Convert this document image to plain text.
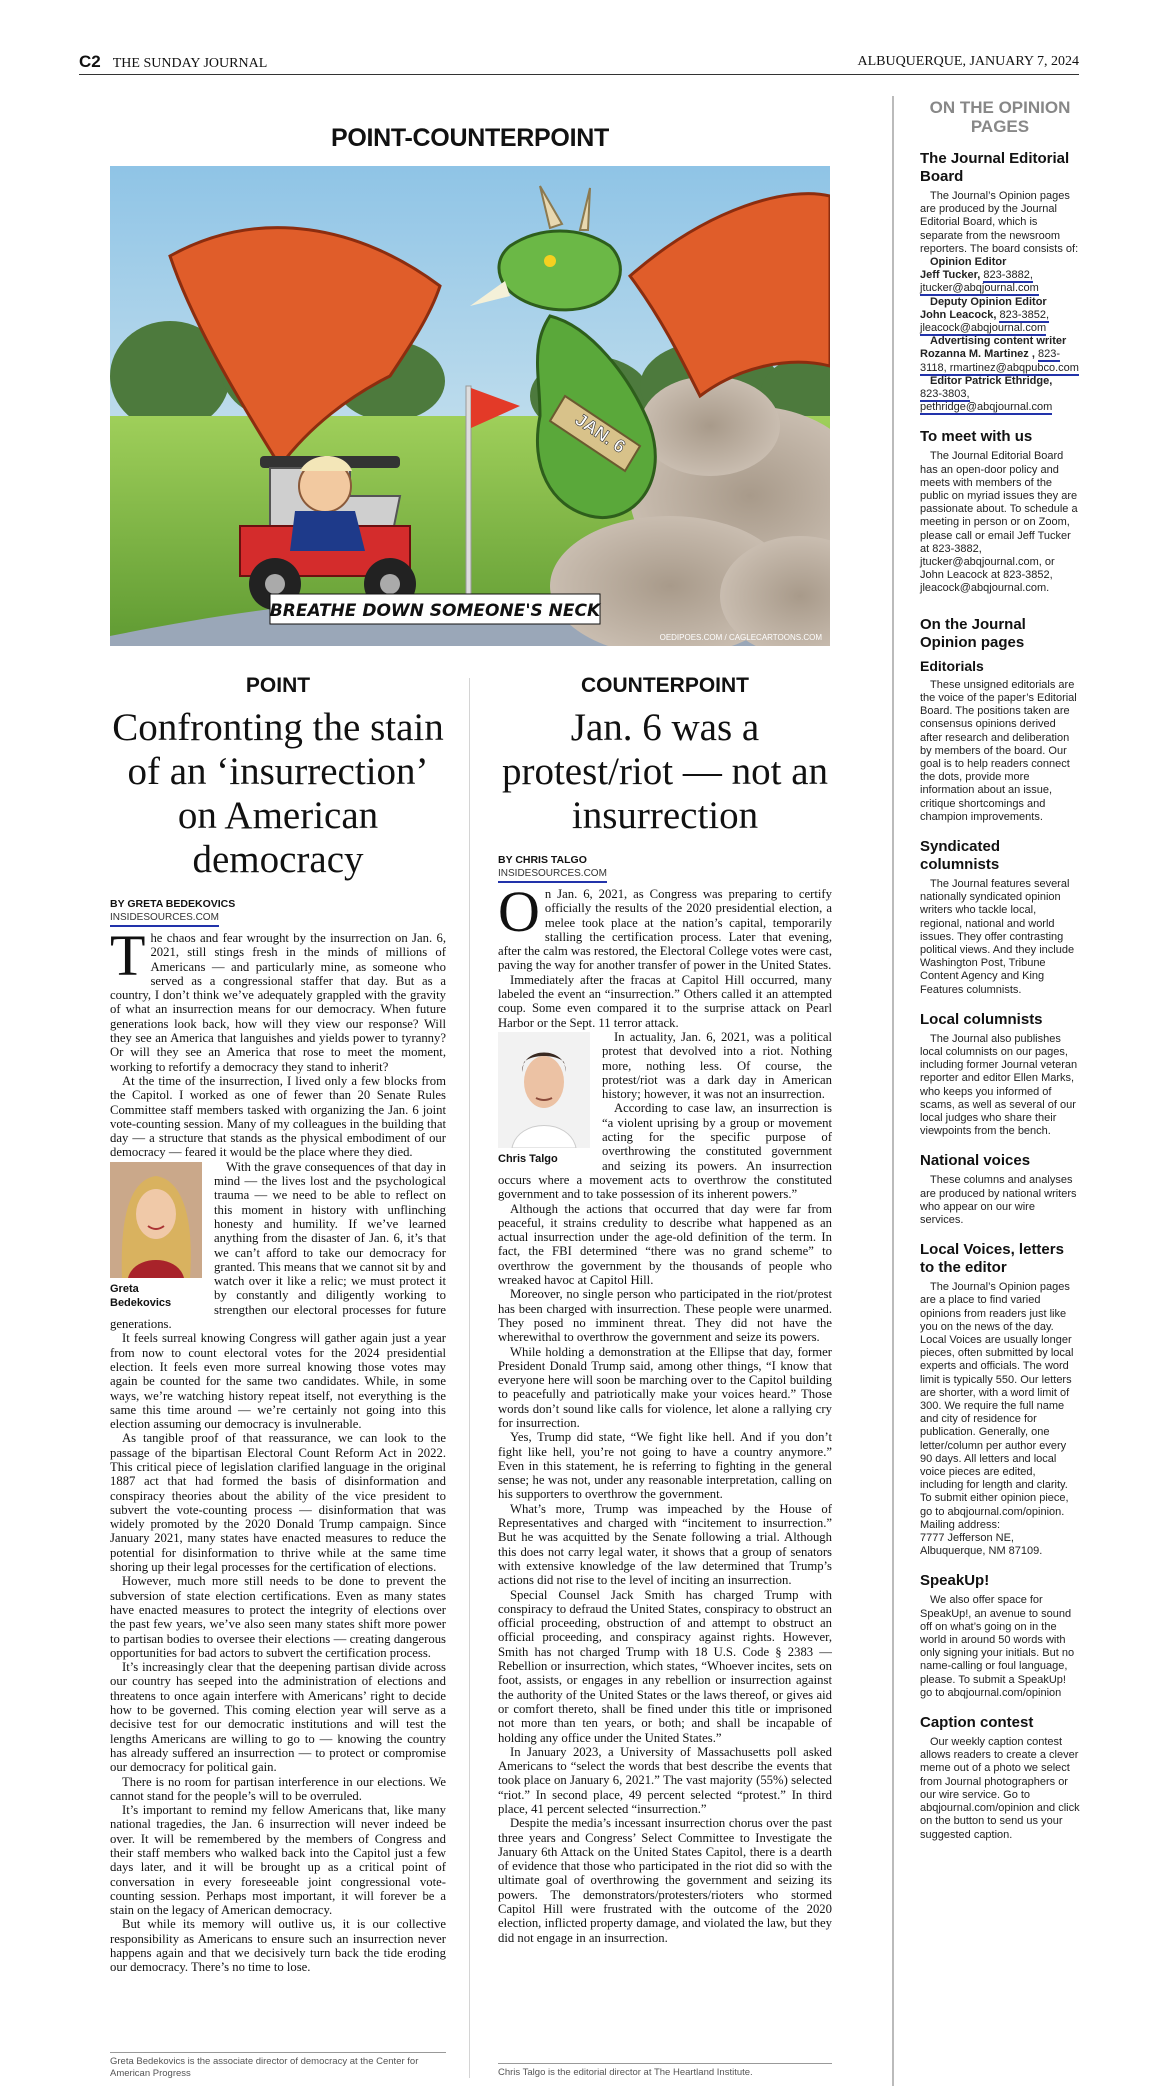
C2 THE SUNDAY JOURNAL	ALBUQUERQUE, JANUARY 7, 2024
POINT-COUNTERPOINT
JAN. 6
BREATHE DOWN SOMEONE'S NECK
OEDIPOES.COM / CAGLECARTOONS.COM
POINT
Confronting the stain of an ‘insurrection’ on American democracy
BY GRETA BEDEKOVICS
INSIDESOURCES.COM
T he chaos and fear wrought by the insurrection on Jan. 6, 2021, still stings fresh in the minds of millions of Americans — and particularly mine, as someone who served as a congressional staffer that day. But as a country, I don’t think we’ve adequately grappled with the gravity of what an insurrection means for our democracy. When future generations look back, how will they view our response? Will they see an America that languishes and yields power to tyranny? Or will they see an America that rose to meet the moment, working to refortify a democracy they stand to inherit?

At the time of the insurrection, I lived only a few blocks from the Capitol. I worked as one of fewer than 20 Senate Rules Committee staff members tasked with organizing the Jan. 6 joint vote-counting session. Many of my colleagues in the building that day — a structure that stands as the physical embodiment of our democracy — feared it would be the place where they died.

Greta Bedekovics

With the grave consequences of that day in mind — the lives lost and the psychological trauma — we need to be able to reflect on this moment in history with unflinching honesty and humility. If we’ve learned anything from the disaster of Jan. 6, it’s that we can’t afford to take our democracy for granted. This means that we cannot sit by and watch over it like a relic; we must protect it by constantly and diligently working to strengthen our electoral processes for future generations.

It feels surreal knowing Congress will gather again just a year from now to count electoral votes for the 2024 presidential election. It feels even more surreal knowing those votes may again be counted for the same two candidates. While, in some ways, we’re watching history repeat itself, not everything is the same this time around — we’re certainly not going into this election assuming our democracy is invulnerable.

As tangible proof of that reassurance, we can look to the passage of the bipartisan Electoral Count Reform Act in 2022. This critical piece of legislation clarified language in the original 1887 act that had formed the basis of disinformation and conspiracy theories about the ability of the vice president to subvert the vote-counting process — disinformation that was widely promoted by the 2020 Donald Trump campaign. Since January 2021, many states have enacted measures to reduce the potential for disinformation to thrive while at the same time shoring up their legal processes for the certification of elections.

However, much more still needs to be done to prevent the subversion of state election certifications. Even as many states have enacted measures to protect the integrity of elections over the past few years, we’ve also seen many states shift more power to partisan bodies to oversee their elections — creating dangerous opportunities for bad actors to subvert the certification process.

It’s increasingly clear that the deepening partisan divide across our country has seeped into the administration of elections and threatens to once again interfere with Americans’ right to decide how to be governed. This coming election year will serve as a decisive test for our democratic institutions and will test the lengths Americans are willing to go to — knowing the country has already suffered an insurrection — to protect or compromise our democracy for political gain.

There is no room for partisan interference in our elections. We cannot stand for the people’s will to be overruled.

It’s important to remind my fellow Americans that, like many national tragedies, the Jan. 6 insurrection will never indeed be over. It will be remembered by the members of Congress and their staff members who walked back into the Capitol just a few days later, and it will be brought up as a critical point of conversation in every foreseeable joint congressional vote-counting session. Perhaps most important, it will forever be a stain on the legacy of American democracy.

But while its memory will outlive us, it is our collective responsibility as Americans to ensure such an insurrection never happens again and that we decisively turn back the tide eroding our democracy. There’s no time to lose.

Greta Bedekovics is the associate director of democracy at the Center for American Progress
COUNTERPOINT
Jan. 6 was a protest/riot — not an insurrection
BY CHRIS TALGO
INSIDESOURCES.COM
O n Jan. 6, 2021, as Congress was preparing to certify officially the results of the 2020 presidential election, a melee took place at the nation’s capital, temporarily stalling the certification process. Later that evening, after the calm was restored, the Electoral College votes were cast, paving the way for another transfer of power in the United States.

Immediately after the fracas at Capitol Hill occurred, many labeled the event an “insurrection.” Others called it an attempted coup. Some even compared it to the surprise attack on Pearl Harbor or the Sept. 11 terror attack.

Chris Talgo

In actuality, Jan. 6, 2021, was a political protest that devolved into a riot. Nothing more, nothing less. Of course, the protest/riot was a dark day in American history; however, it was not an insurrection.

According to case law, an insurrection is “a violent uprising by a group or movement acting for the specific purpose of overthrowing the constituted government and seizing its powers. An insurrection occurs where a movement acts to overthrow the constituted government and to take possession of its inherent powers.”

Although the actions that occurred that day were far from peaceful, it strains credulity to describe what happened as an actual insurrection under the age-old definition of the term. In fact, the FBI determined “there was no grand scheme” to overthrow the government by the thousands of people who wreaked havoc at Capitol Hill.

Moreover, no single person who participated in the riot/protest has been charged with insurrection. These people were unarmed. They posed no imminent threat. They did not have the wherewithal to overthrow the government and seize its powers.

While holding a demonstration at the Ellipse that day, former President Donald Trump said, among other things, “I know that everyone here will soon be marching over to the Capitol building to peacefully and patriotically make your voices heard.” Those words don’t sound like calls for violence, let alone a rallying cry for insurrection.

Yes, Trump did state, “We fight like hell. And if you don’t fight like hell, you’re not going to have a country anymore.” Even in this statement, he is referring to fighting in the general sense; he was not, under any reasonable interpretation, calling on his supporters to overthrow the government.

What’s more, Trump was impeached by the House of Representatives and charged with “incitement to insurrection.” But he was acquitted by the Senate following a trial. Although this does not carry legal water, it shows that a group of senators with extensive knowledge of the law determined that Trump’s actions did not rise to the level of inciting an insurrection.

Special Counsel Jack Smith has charged Trump with conspiracy to defraud the United States, conspiracy to obstruct an official proceeding, obstruction of and attempt to obstruct an official proceeding, and conspiracy against rights. However, Smith has not charged Trump with 18 U.S. Code § 2383 — Rebellion or insurrection, which states, “Whoever incites, sets on foot, assists, or engages in any rebellion or insurrection against the authority of the United States or the laws thereof, or gives aid or comfort thereto, shall be fined under this title or imprisoned not more than ten years, or both; and shall be incapable of holding any office under the United States.”

In January 2023, a University of Massachusetts poll asked Americans to “select the words that best describe the events that took place on January 6, 2021.” The vast majority (55%) selected “riot.” In second place, 49 percent selected “protest.” In third place, 41 percent selected “insurrection.”

Despite the media’s incessant insurrection chorus over the past three years and Congress’ Select Committee to Investigate the January 6th Attack on the United States Capitol, there is a dearth of evidence that those who participated in the riot did so with the ultimate goal of overthrowing the government and seizing its powers. The demonstrators/protesters/rioters who stormed Capitol Hill were frustrated with the outcome of the 2020 election, inflicted property damage, and violated the law, but they did not engage in an insurrection.

Chris Talgo is the editorial director at The Heartland Institute.
ON THE OPINION PAGES
The Journal Editorial Board

The Journal’s Opinion pages are produced by the Journal Editorial Board, which is separate from the newsroom reporters. The board consists of:

Opinion Editor
Jeff Tucker, 823-3882, jtucker@abqjournal.com
Deputy Opinion Editor
John Leacock, 823-3852, jleacock@abqjournal.com
Advertising content writer
Rozanna M. Martinez , 823-3118, rmartinez@abqpubco.com
Editor Patrick Ethridge,
823-3803, pethridge@abqjournal.com
To meet with us

The Journal Editorial Board has an open-door policy and meets with members of the public on myriad issues they are passionate about. To schedule a meeting in person or on Zoom, please call or email Jeff Tucker at 823-3882, jtucker@abqjournal.com, or John Leacock at 823-3852, jleacock@abqjournal.com.

On the Journal Opinion pages
Editorials

These unsigned editorials are the voice of the paper’s Editorial Board. The positions taken are consensus opinions derived after research and deliberation by members of the board. Our goal is to help readers connect the dots, provide more information about an issue, critique shortcomings and champion improvements.

Syndicated columnists

The Journal features several nationally syndicated opinion writers who tackle local, regional, national and world issues. They offer contrasting political views. And they include Washington Post, Tribune Content Agency and King Features columnists.

Local columnists

The Journal also publishes local columnists on our pages, including former Journal veteran reporter and editor Ellen Marks, who keeps you informed of scams, as well as several of our local judges who share their viewpoints from the bench.

National voices

These columns and analyses are produced by national writers who appear on our wire services.

Local Voices, letters to the editor

The Journal’s Opinion pages are a place to find varied opinions from readers just like you on the news of the day. Local Voices are usually longer pieces, often submitted by local experts and officials. The word limit is typically 550. Our letters are shorter, with a word limit of 300. We require the full name and city of residence for publication. Generally, one letter/column per author every 90 days. All letters and local voice pieces are edited, including for length and clarity. To submit either opinion piece, go to abqjournal.com/opinion.

Mailing address:
7777 Jefferson NE, Albuquerque, NM 87109.
SpeakUp!

We also offer space for SpeakUp!, an avenue to sound off on what’s going on in the world in around 50 words with only signing your initials. But no name-calling or foul language, please. To submit a SpeakUp! go to abqjournal.com/opinion

Caption contest

Our weekly caption contest allows readers to create a clever meme out of a photo we select from Journal photographers or our wire service. Go to abqjournal.com/opinion and click on the button to send us your suggested caption.
